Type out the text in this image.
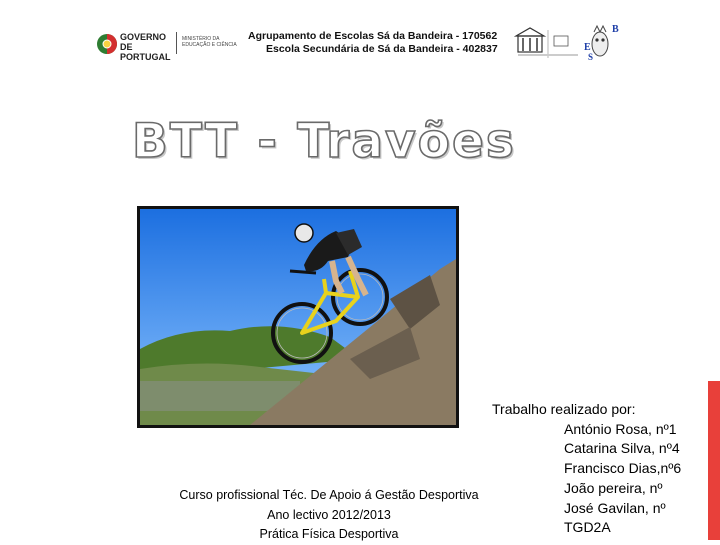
GOVERNO DE
PORTUGAL
MINISTÉRIO DA EDUCAÇÃO E CIÊNCIA
Agrupamento de Escolas Sá da Bandeira - 170562
Escola Secundária de Sá da Bandeira - 402837
B
E
S
BTT - Travões
Curso profissional Téc. De Apoio á Gestão Desportiva
Ano lectivo 2012/2013
Prática Física Desportiva
Trabalho realizado por:
António Rosa, nº1
Catarina Silva, nº4
Francisco Dias,nº6
João pereira, nº
José Gavilan, nº
TGD2A
